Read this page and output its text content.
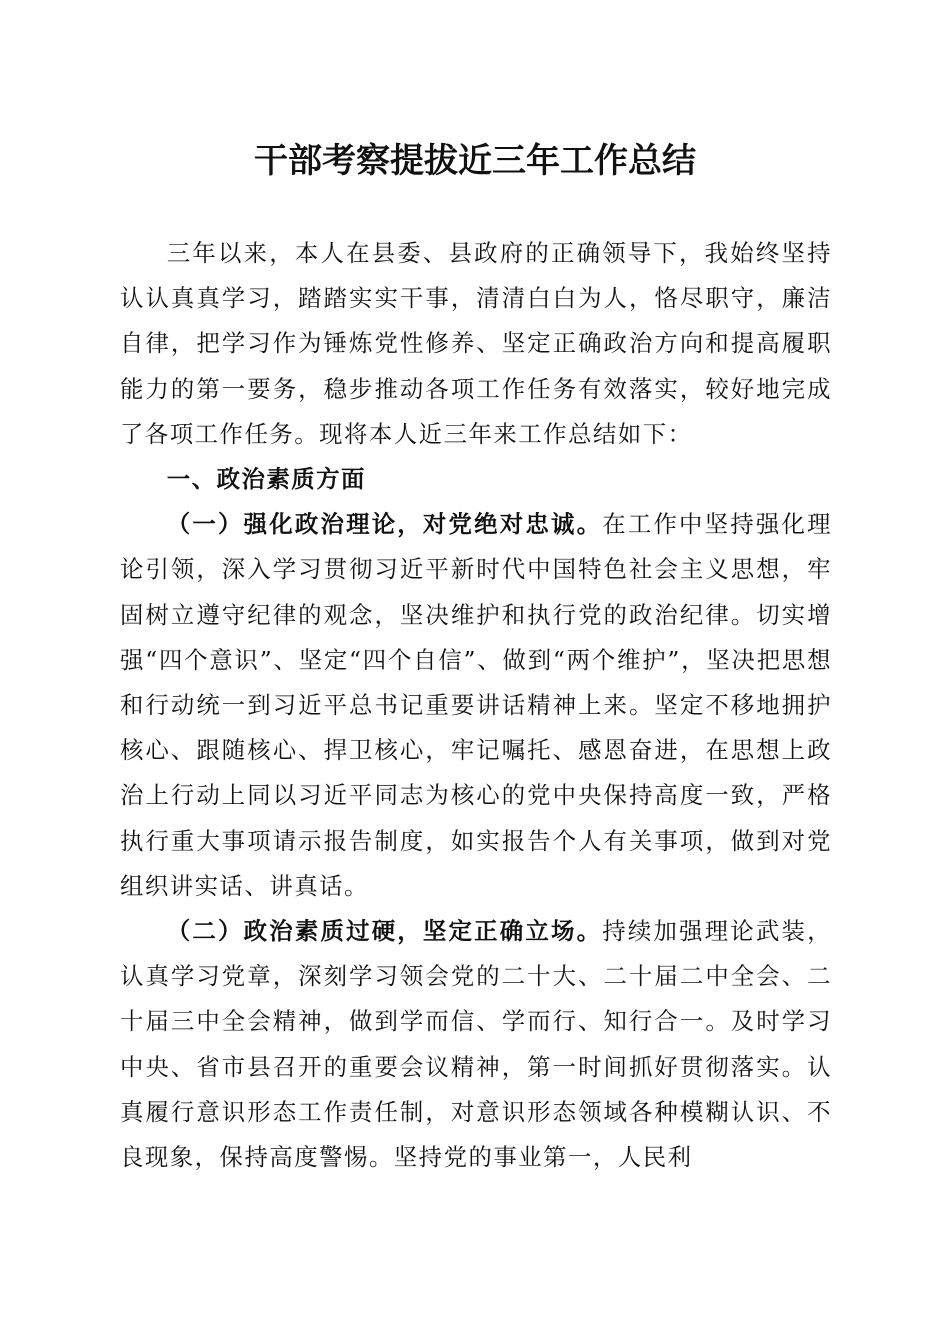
干部考察提拔近三年工作总结

三年以来，本人在县委、县政府的正确领导下，我始终坚持认认真真学习，踏踏实实干事，清清白白为人，恪尽职守，廉洁自律，把学习作为锤炼党性修养、坚定正确政治方向和提高履职能力的第一要务，稳步推动各项工作任务有效落实，较好地完成了各项工作任务。现将本人近三年来工作总结如下：

一、政治素质方面

（一）强化政治理论，对党绝对忠诚。在工作中坚持强化理论引领，深入学习贯彻习近平新时代中国特色社会主义思想，牢固树立遵守纪律的观念，坚决维护和执行党的政治纪律。切实增强“四个意识”、坚定“四个自信”、做到“两个维护”，坚决把思想和行动统一到习近平总书记重要讲话精神上来。坚定不移地拥护核心、跟随核心、捍卫核心，牢记嘱托、感恩奋进，在思想上政治上行动上同以习近平同志为核心的党中央保持高度一致，严格执行重大事项请示报告制度，如实报告个人有关事项，做到对党组织讲实话、讲真话。

（二）政治素质过硬，坚定正确立场。持续加强理论武装，认真学习党章，深刻学习领会党的二十大、二十届二中全会、二十届三中全会精神，做到学而信、学而行、知行合一。及时学习中央、省市县召开的重要会议精神，第一时间抓好贯彻落实。认真履行意识形态工作责任制，对意识形态领域各种模糊认识、不良现象，保持高度警惕。坚持党的事业第一，人民利
